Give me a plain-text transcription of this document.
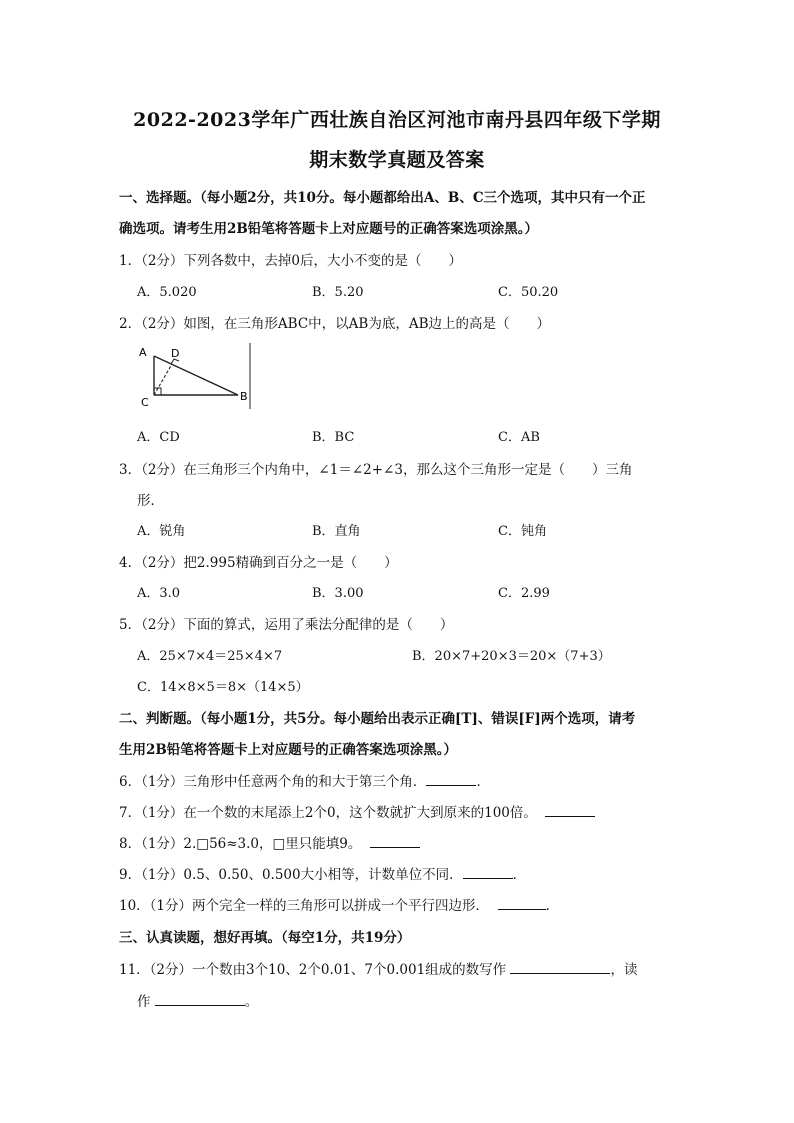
2022-2023学年广西壮族自治区河池市南丹县四年级下学期
期末数学真题及答案
一、选择题。（每小题2分，共10分。每小题都给出A、B、C三个选项，其中只有一个正
确选项。请考生用2B铅笔将答题卡上对应题号的正确答案选项涂黑。）
1．（2分）下列各数中，去掉0后，大小不变的是（　　）
A．5.020	B．5.20	C．50.20
2．（2分）如图，在三角形ABC中，以AB为底，AB边上的高是（　　）
A D
B
C
A．CD	B．BC	C．AB
3．（2分）在三角形三个内角中，∠1＝∠2+∠3，那么这个三角形一定是（　　）三角
形．
A．锐角	B．直角	C．钝角
4．（2分）把2.995精确到百分之一是（　　）
A．3.0	B．3.00	C．2.99
5．（2分）下面的算式，运用了乘法分配律的是（　　）
A．25×7×4＝25×4×7	B．20×7+20×3＝20×（7+3）
C．14×8×5＝8×（14×5）
二、判断题。（每小题1分，共5分。每小题给出表示正确[T]、错误[F]两个选项，请考
生用2B铅笔将答题卡上对应题号的正确答案选项涂黑。）
6．（1分）三角形中任意两个角的和大于第三个角．	．
7．（1分）在一个数的末尾添上2个0，这个数就扩大到原来的100倍。
8．（1分）2.□56≈3.0，□里只能填9。
9．（1分）0.5、0.50、0.500大小相等，计数单位不同．	．
10．（1分）两个完全一样的三角形可以拼成一个平行四边形．	．
三、认真读题，想好再填。（每空1分，共19分）
11．（2分）一个数由3个10、2个0.01、7个0.001组成的数写作	，读
作	。
